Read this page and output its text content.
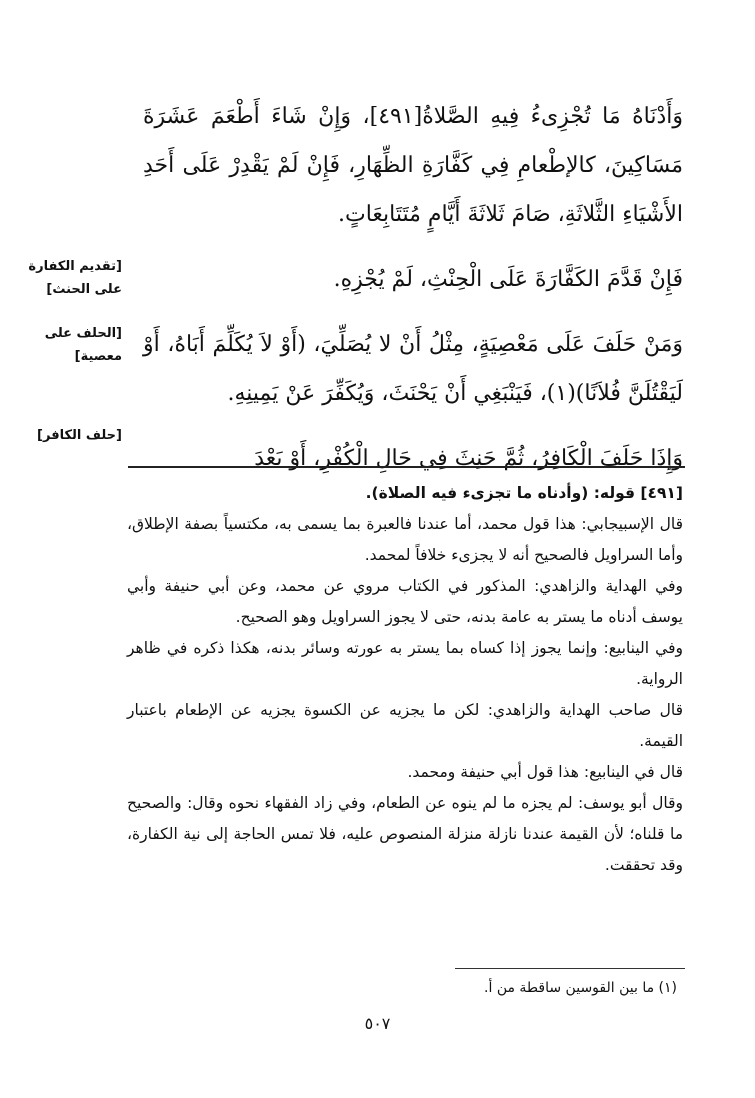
وَأَدْنَاهُ مَا تُجْزِىءُ فِيهِ الصَّلاةُ[٤٩١]، وَإِنْ شَاءَ أَطْعَمَ عَشَرَةَ مَسَاكِينَ، كالإطْعامِ فِي كَفَّارَةِ الظِّهَارِ، فَإِنْ لَمْ يَقْدِرْ عَلَى أَحَدِ الأَشْيَاءِ الثَّلاثَةِ، صَامَ ثَلاثَةَ أَيَّامٍ مُتَتَابِعَاتٍ.

فَإِنْ قَدَّمَ الكَفَّارَةَ عَلَى الْحِنْثِ، لَمْ يُجْزِهِ.

وَمَنْ حَلَفَ عَلَى مَعْصِيَةٍ، مِثْلُ أَنْ لا يُصَلِّيَ، (أَوْ لاَ يُكَلِّمَ أَبَاهُ، أَوْ لَيَقْتُلَنَّ فُلاَنًا)(١)، فَيَنْبَغِي أَنْ يَحْنَثَ، وَيُكَفِّرَ عَنْ يَمِينِهِ.

وَإِذَا حَلَفَ الْكَافِرُ، ثُمَّ حَنِثَ فِي حَالِ الْكُفْرِ، أَوْ بَعْدَ

[تقديم الكفارة على الحنث]
[الحلف على معصية]
[حلف الكافر]

[٤٩١] قوله: (وأدناه ما تجزىء فيه الصلاة).

قال الإسبيجابي: هذا قول محمد، أما عندنا فالعبرة بما يسمى به، مكتسياً بصفة الإطلاق، وأما السراويل فالصحيح أنه لا يجزىء خلافاً لمحمد.

وفي الهداية والزاهدي: المذكور في الكتاب مروي عن محمد، وعن أبي حنيفة وأبي يوسف أدناه ما يستر به عامة بدنه، حتى لا يجوز السراويل وهو الصحيح.

وفي الينابيع: وإنما يجوز إذا كساه بما يستر به عورته وسائر بدنه، هكذا ذكره في ظاهر الرواية.

قال صاحب الهداية والزاهدي: لكن ما يجزيه عن الكسوة يجزيه عن الإطعام باعتبار القيمة.

قال في الينابيع: هذا قول أبي حنيفة ومحمد.

وقال أبو يوسف: لم يجزه ما لم ينوه عن الطعام، وفي زاد الفقهاء نحوه وقال: والصحيح ما قلناه؛ لأن القيمة عندنا نازلة منزلة المنصوص عليه، فلا تمس الحاجة إلى نية الكفارة، وقد تحققت.

(١) ما بين القوسين ساقطة من أ.
٥٠٧
